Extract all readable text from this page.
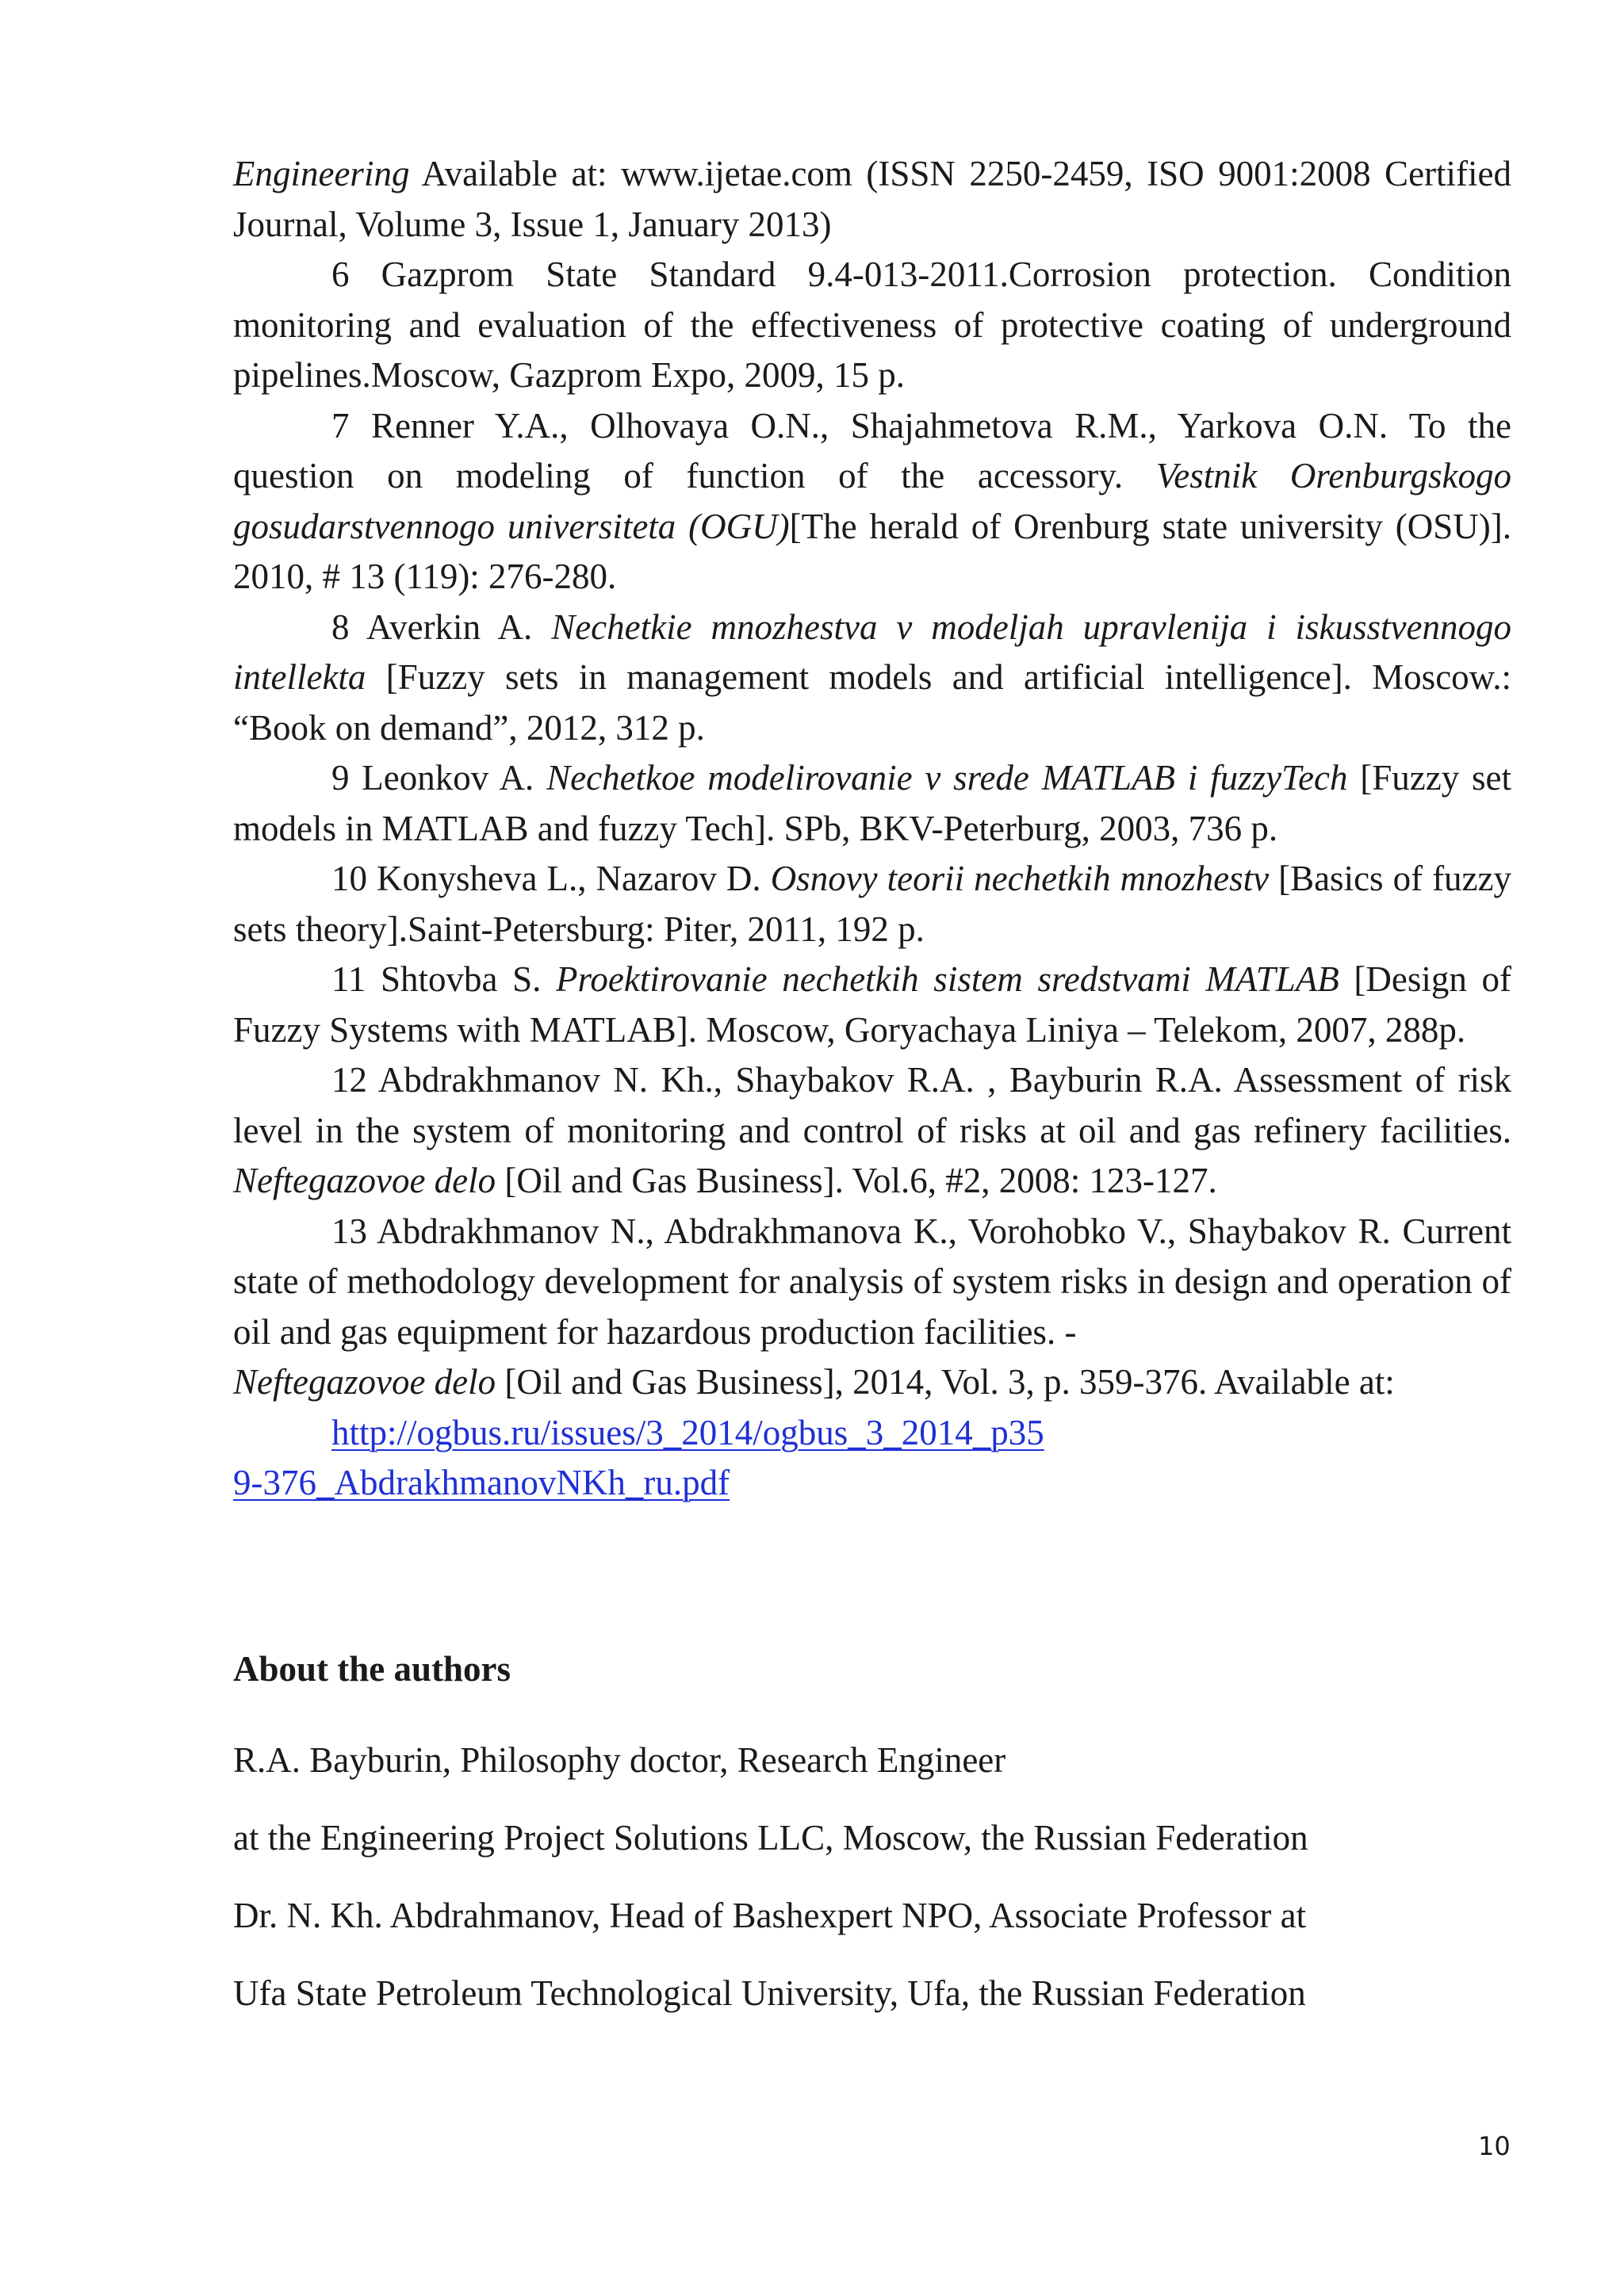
Engineering Available at: www.ijetae.com (ISSN 2250-2459, ISO 9001:2008 Certified Journal, Volume 3, Issue 1, January 2013)

6 Gazprom State Standard 9.4-013-2011.Corrosion protection. Condition monitoring and evaluation of the effectiveness of protective coating of underground pipelines.Moscow, Gazprom Expo, 2009, 15 p.

7 Renner Y.A., Olhovaya O.N., Shajahmetova R.M., Yarkova O.N. To the question on modeling of function of the accessory. Vestnik Orenburgskogo gosudarstvennogo universiteta (OGU)[The herald of Orenburg state university (OSU)]. 2010, # 13 (119): 276-280.

8 Averkin A. Nechetkie mnozhestva v modeljah upravlenija i iskusstvennogo intellekta [Fuzzy sets in management models and artificial intelligence]. Moscow.: “Book on demand”, 2012, 312 p.

9 Leonkov A. Nechetkoe modelirovanie v srede MATLAB i fuzzyTech [Fuzzy set models in MATLAB and fuzzy Tech]. SPb, BKV-Peterburg, 2003, 736 p.

10 Konysheva L., Nazarov D. Osnovy teorii nechetkih mnozhestv [Basics of fuzzy sets theory].Saint-Petersburg: Piter, 2011, 192 p.

11 Shtovba S. Proektirovanie nechetkih sistem sredstvami MATLAB [Design of Fuzzy Systems with MATLAB]. Moscow, Goryachaya Liniya – Telekom, 2007, 288p.

12 Abdrakhmanov N. Kh., Shaybakov R.A. , Bayburin R.A. Assessment of risk level in the system of monitoring and control of risks at oil and gas refinery facilities. Neftegazovoe delo [Oil and Gas Business]. Vol.6, #2, 2008: 123-127.

13 Abdrakhmanov N., Abdrakhmanova K., Vorohobko V., Shaybakov R. Current state of methodology development for analysis of system risks in design and operation of oil and gas equipment for hazardous production facilities. -
Neftegazovoe delo [Oil and Gas Business], 2014, Vol. 3, p. 359-376. Available at:
http://ogbus.ru/issues/3_2014/ogbus_3_2014_p359-376_AbdrakhmanovNKh_ru.pdf

About the authors

R.A. Bayburin, Philosophy doctor, Research Engineer

at the Engineering Project Solutions LLC, Moscow, the Russian Federation

Dr. N. Kh. Abdrahmanov, Head of Bashexpert NPO, Associate Professor at

Ufa State Petroleum Technological University, Ufa, the Russian Federation

10
